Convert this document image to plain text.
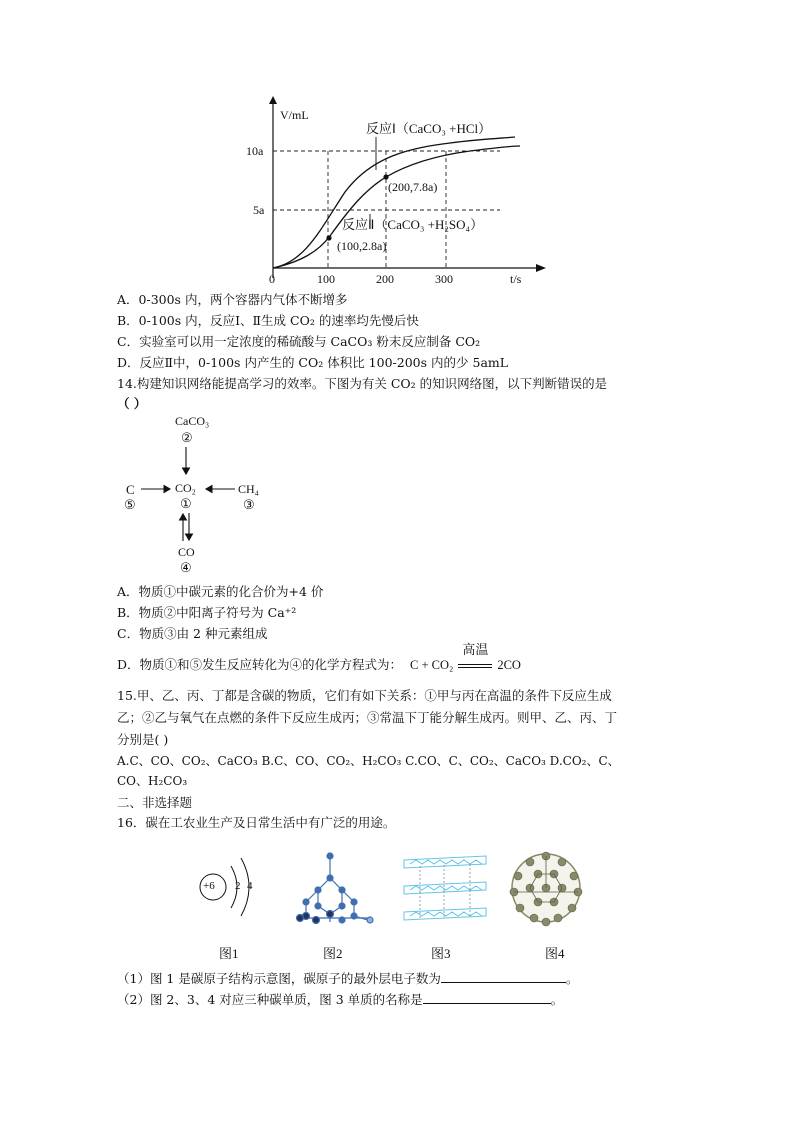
V/mL
t/s
0
10a
5a
100	200	300
反应Ⅰ（CaCO₃ +HCl）
反应Ⅱ（CaCO₃ +H₂SO₄）
(200,7.8a)
(100,2.8a)
A．0-300s 内，两个容器内气体不断增多
B．0-100s 内，反应Ⅰ、Ⅱ生成 CO₂ 的速率均先慢后快
C．实验室可以用一定浓度的稀硫酸与 CaCO₃ 粉末反应制备 CO₂
D．反应Ⅱ中，0-100s 内产生的 CO₂ 体积比 100-200s 内的少 5amL
14.构建知识网络能提高学习的效率。下图为有关 CO₂ 的知识网络图，以下判断错误的是
（ ）
CaCO₃
②
C
⑤
CO₂
①
CH₄
③
CO
④
A．物质①中碳元素的化合价为+4 价
B．物质②中阳离子符号为 Ca⁺²
C．物质③由 2 种元素组成
D．物质①和⑤发生反应转化为④的化学方程式为： C + CO₂
高温
2CO
15.甲、乙、丙、丁都是含碳的物质，它们有如下关系：①甲与丙在高温的条件下反应生成
乙；②乙与氧气在点燃的条件下反应生成丙；③常温下丁能分解生成丙。则甲、乙、丙、丁
分别是( )
A.C、CO、CO₂、CaCO₃ B.C、CO、CO₂、H₂CO₃ C.CO、C、CO₂、CaCO₃ D.CO₂、C、
CO、H₂CO₃
二、非选择题
16．碳在工农业生产及日常生活中有广泛的用途。
+6 2 4
图1	图2	图3	图4
（1）图 1 是碳原子结构示意图，碳原子的最外层电子数为	。
（2）图 2、3、4 对应三种碳单质，图 3 单质的名称是	。
